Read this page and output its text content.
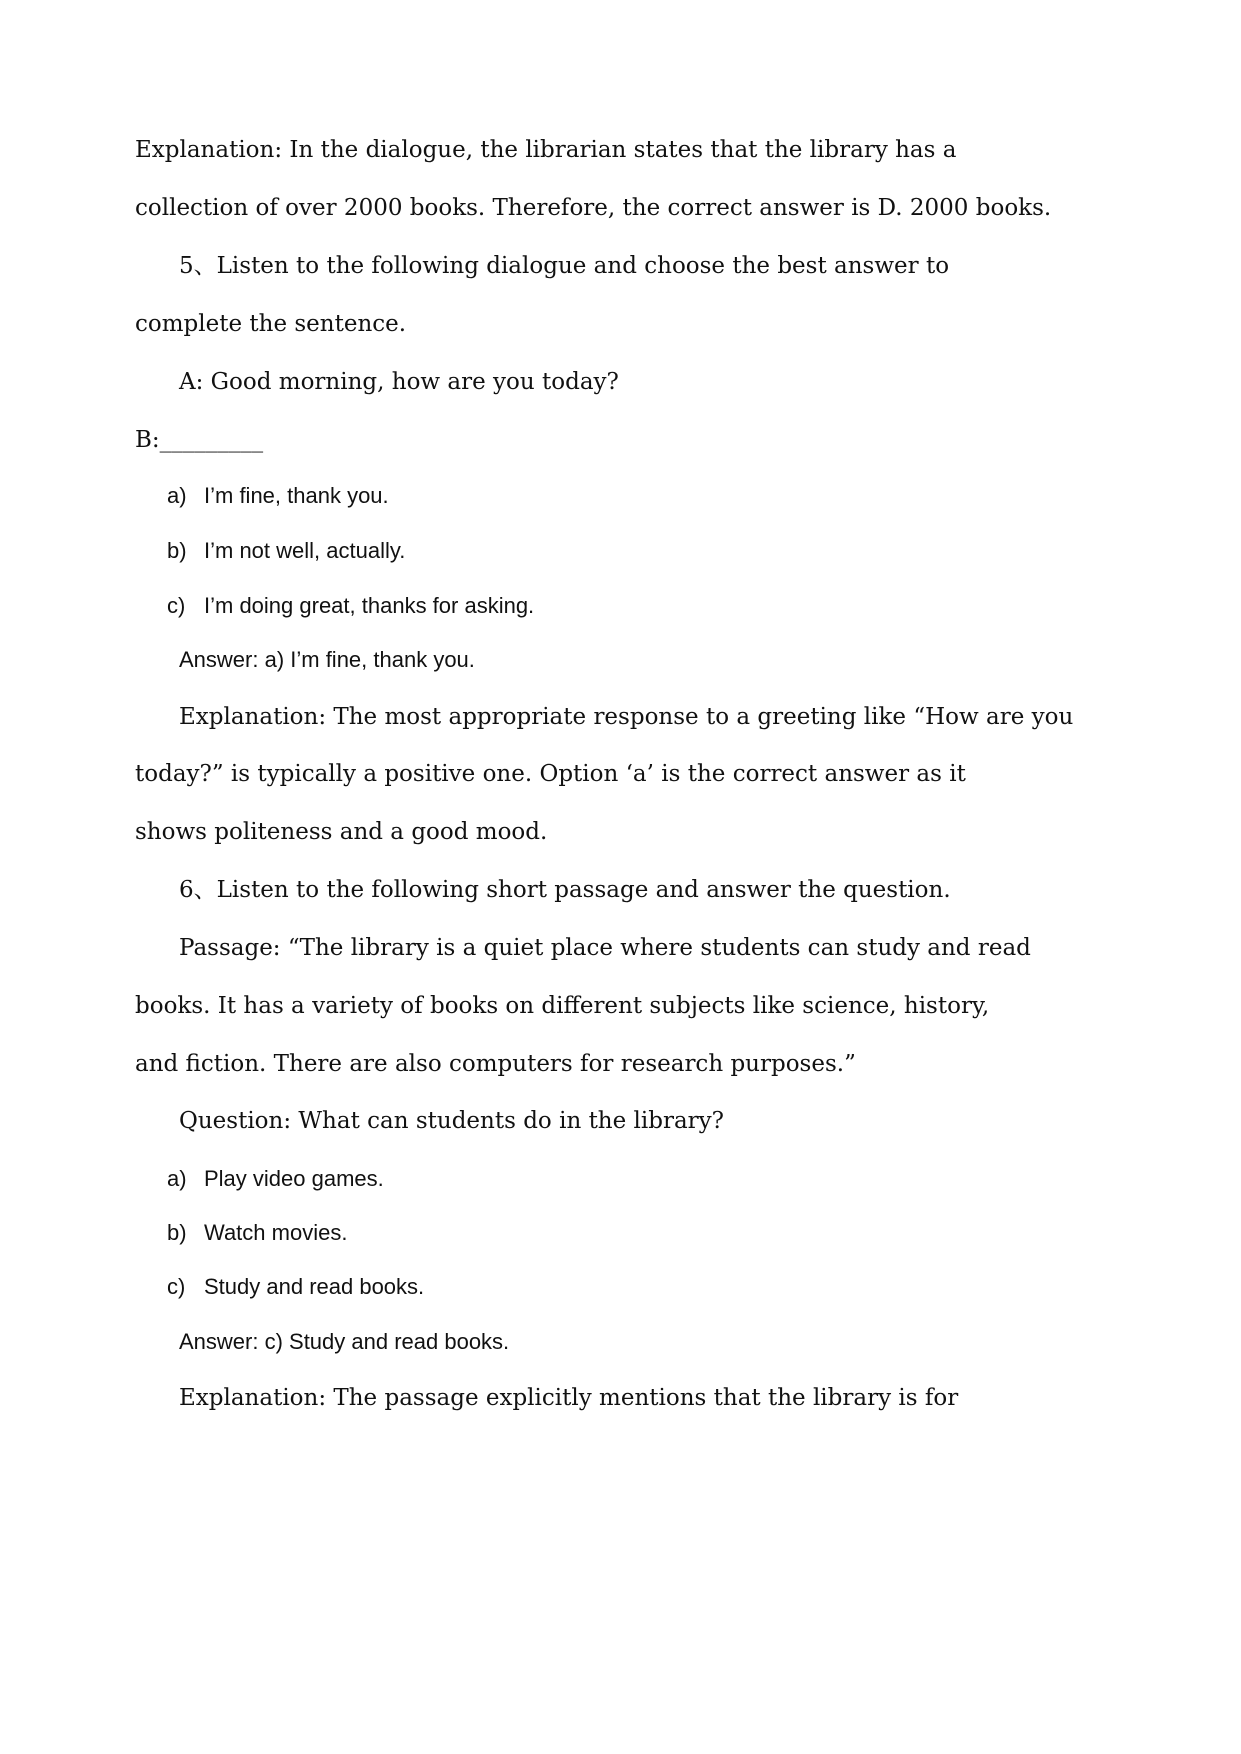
Explanation: In the dialogue, the librarian states that the library has a
collection of over 2000 books. Therefore, the correct answer is D. 2000 books.
5、Listen to the following dialogue and choose the best answer to
complete the sentence.
A: Good morning, how are you today?
B:_________
a) I’m fine, thank you.
b) I’m not well, actually.
c) I’m doing great, thanks for asking.
Answer: a) I’m fine, thank you.
Explanation: The most appropriate response to a greeting like “How are you
today?” is typically a positive one. Option ‘a’ is the correct answer as it
shows politeness and a good mood.
6、Listen to the following short passage and answer the question.
Passage: “The library is a quiet place where students can study and read
books. It has a variety of books on different subjects like science, history,
and fiction. There are also computers for research purposes.”
Question: What can students do in the library?
a) Play video games.
b) Watch movies.
c) Study and read books.
Answer: c) Study and read books.
Explanation: The passage explicitly mentions that the library is for
